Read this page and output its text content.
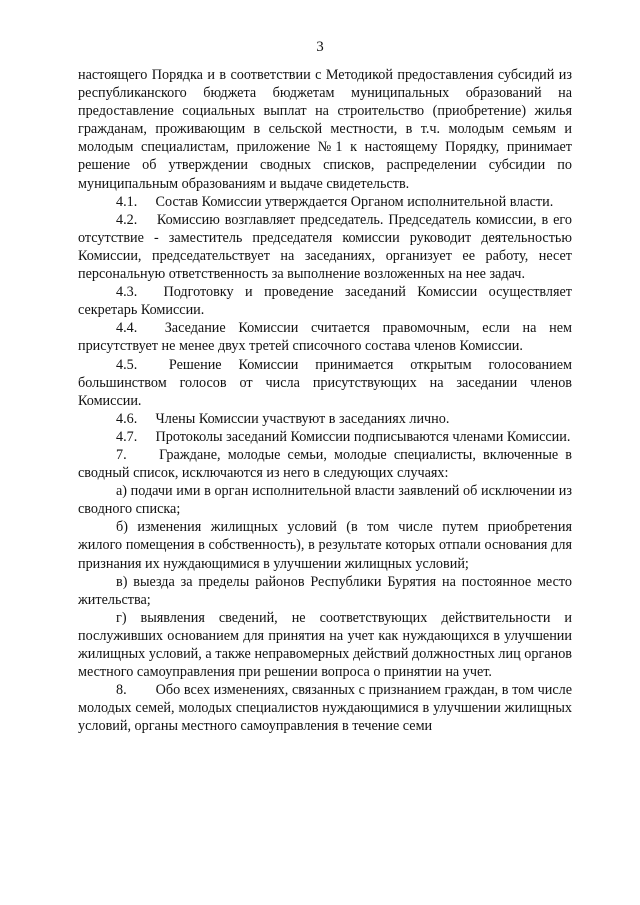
3

настоящего Порядка и в соответствии с Методикой предоставления субсидий из республиканского бюджета бюджетам муниципальных образований на предоставление социальных выплат на строительство (приобретение) жилья гражданам, проживающим в сельской местности, в т.ч. молодым семьям и молодым специалистам, приложение №1 к настоящему Порядку, принимает решение об утверждении сводных списков, распределении субсидии по муниципальным образованиям и выдаче свидетельств.

4.1. Состав Комиссии утверждается Органом исполнительной власти.

4.2. Комиссию возглавляет председатель. Председатель комиссии, в его отсутствие - заместитель председателя комиссии руководит деятельностью Комиссии, председательствует на заседаниях, организует ее работу, несет персональную ответственность за выполнение возложенных на нее задач.

4.3. Подготовку и проведение заседаний Комиссии осуществляет секретарь Комиссии.

4.4. Заседание Комиссии считается правомочным, если на нем присутствует не менее двух третей списочного состава членов Комиссии.

4.5. Решение Комиссии принимается открытым голосованием большинством голосов от числа присутствующих на заседании членов Комиссии.

4.6. Члены Комиссии участвуют в заседаниях лично.

4.7. Протоколы заседаний Комиссии подписываются членами Комиссии.

7. Граждане, молодые семьи, молодые специалисты, включенные в сводный список, исключаются из него в следующих случаях:

а) подачи ими в орган исполнительной власти заявлений об исключении из сводного списка;

б) изменения жилищных условий (в том числе путем приобретения жилого помещения в собственность), в результате которых отпали основания для признания их нуждающимися в улучшении жилищных условий;

в) выезда за пределы районов Республики Бурятия на постоянное место жительства;

г) выявления сведений, не соответствующих действительности и послуживших основанием для принятия на учет как нуждающихся в улучшении жилищных условий, а также неправомерных действий должностных лиц органов местного самоуправления при решении вопроса о принятии на учет.

8. Обо всех изменениях, связанных с признанием граждан, в том числе молодых семей, молодых специалистов нуждающимися в улучшении жилищных условий, органы местного самоуправления в течение семи
